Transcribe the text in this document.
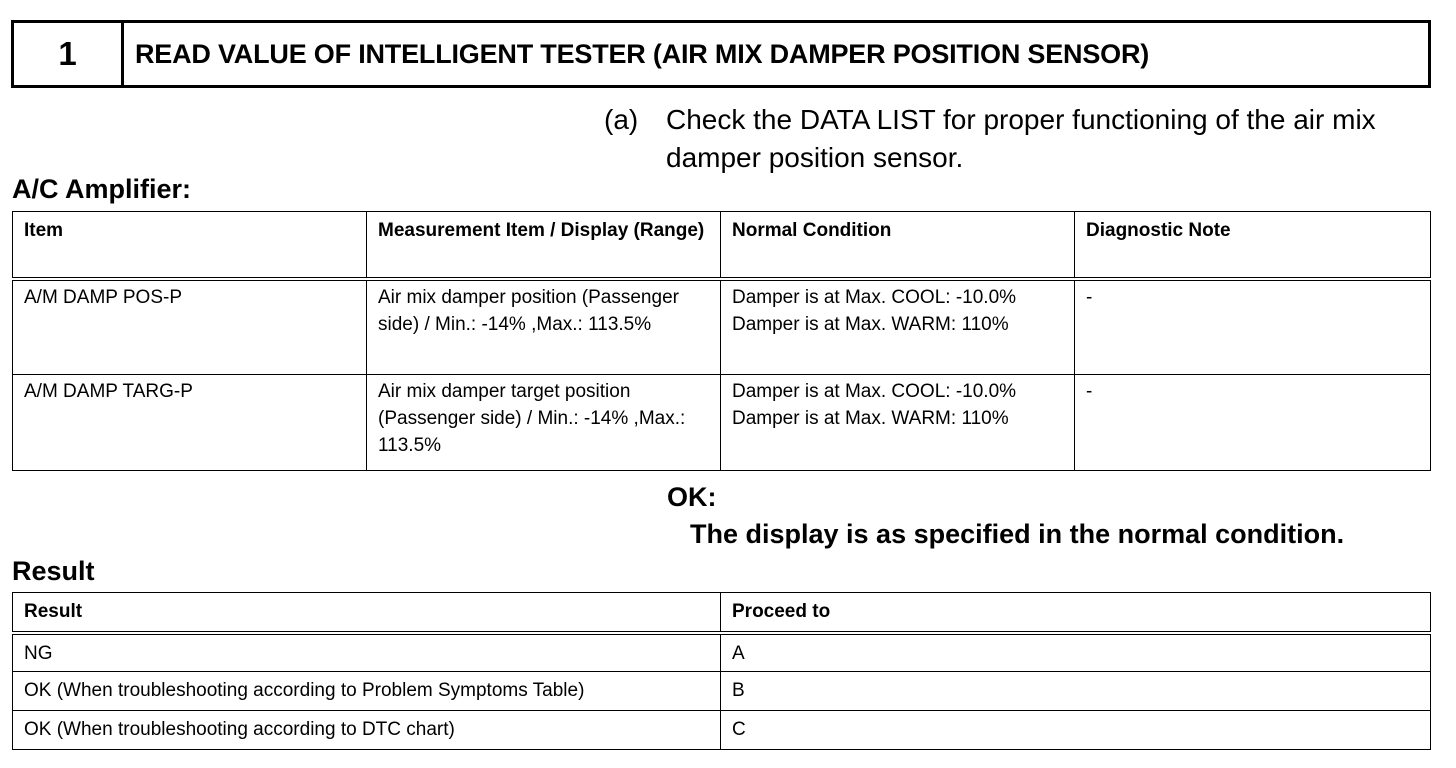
1	READ VALUE OF INTELLIGENT TESTER (AIR MIX DAMPER POSITION SENSOR)
(a) Check the DATA LIST for proper functioning of the air mix damper position sensor.
A/C Amplifier:
Item	Measurement Item / Display (Range)	Normal Condition	Diagnostic Note
A/M DAMP POS-P	Air mix damper position (Passenger side) / Min.: -14% ,Max.: 113.5%	Damper is at Max. COOL: -10.0%
Damper is at Max. WARM: 110%	-
A/M DAMP TARG-P	Air mix damper target position (Passenger side) / Min.: -14% ,Max.: 113.5%	Damper is at Max. COOL: -10.0%
Damper is at Max. WARM: 110%	-
OK:
The display is as specified in the normal condition.
Result
Result	Proceed to
NG	A
OK (When troubleshooting according to Problem Symptoms Table)	B
OK (When troubleshooting according to DTC chart)	C
